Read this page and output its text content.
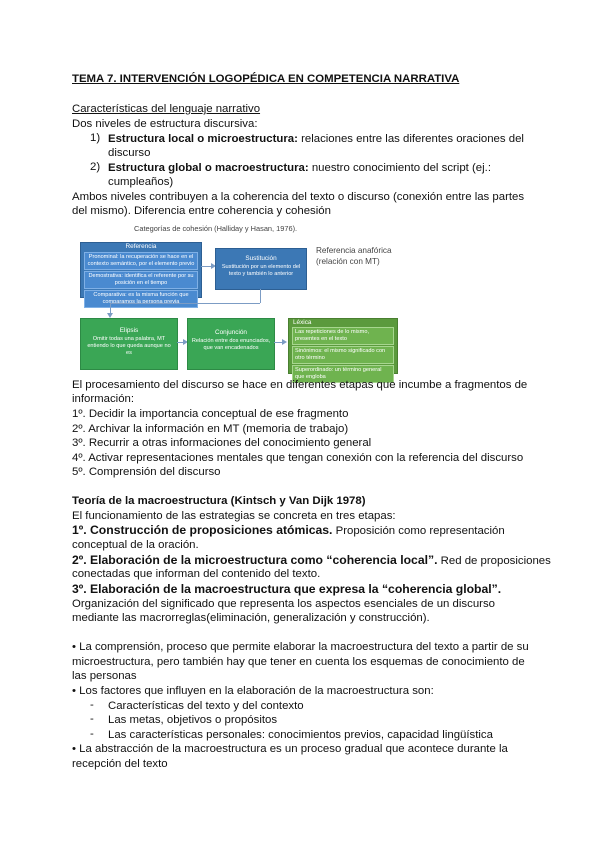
TEMA 7. INTERVENCIÓN LOGOPÉDICA EN COMPETENCIA NARRATIVA
Características del lenguaje narrativo
Dos niveles de estructura discursiva:
1) Estructura local o microestructura: relaciones entre las diferentes oraciones del
discurso
2) Estructura global o macroestructura: nuestro conocimiento del script (ej.:
cumpleaños)
Ambos niveles contribuyen a la coherencia del texto o discurso (conexión entre las partes
del mismo). Diferencia entre coherencia y cohesión
Categorías de cohesión (Halliday y Hasan, 1976).
Referencia
Pronominal: la recuperación se hace en el contexto semántico, por el elemento previo
Demostrativa: identifica el referente por su posición en el tiempo
Comparativa: es la misma función que comparamos la persona previa
Sustitución
Sustitución por un elemento del texto y también lo anterior
Referencia anafórica
(relación con MT)
Elipsis
Omitir todas una palabra, MT entiendo lo que queda aunque no es
Conjunción
Relación entre dos enunciados, que van encadenados
Léxica
Las repeticiones de lo mismo, presentes en el texto
Sinónimos: el mismo significado con otro término
Superordinado: un término general que engloba
El procesamiento del discurso se hace en diferentes etapas que incumbe a fragmentos de
información:
1º. Decidir la importancia conceptual de ese fragmento
2º. Archivar la información en MT (memoria de trabajo)
3º. Recurrir a otras informaciones del conocimiento general
4º. Activar representaciones mentales que tengan conexión con la referencia del discurso
5º. Comprensión del discurso
Teoría de la macroestructura (Kintsch y Van Dijk 1978)
El funcionamiento de las estrategias se concreta en tres etapas:
1º. Construcción de proposiciones atómicas. Proposición como representación
conceptual de la oración.
2º. Elaboración de la microestructura como “coherencia local”. Red de proposiciones
conectadas que informan del contenido del texto.
3º. Elaboración de la macroestructura que expresa la “coherencia global”.
Organización del significado que representa los aspectos esenciales de un discurso
mediante las macrorreglas(eliminación, generalización y construcción).
• La comprensión, proceso que permite elaborar la macroestructura del texto a partir de su
microestructura, pero también hay que tener en cuenta los esquemas de conocimiento de
las personas
• Los factores que influyen en la elaboración de la macroestructura son:
- Características del texto y del contexto
- Las metas, objetivos o propósitos
- Las características personales: conocimientos previos, capacidad lingüística
• La abstracción de la macroestructura es un proceso gradual que acontece durante la
recepción del texto
